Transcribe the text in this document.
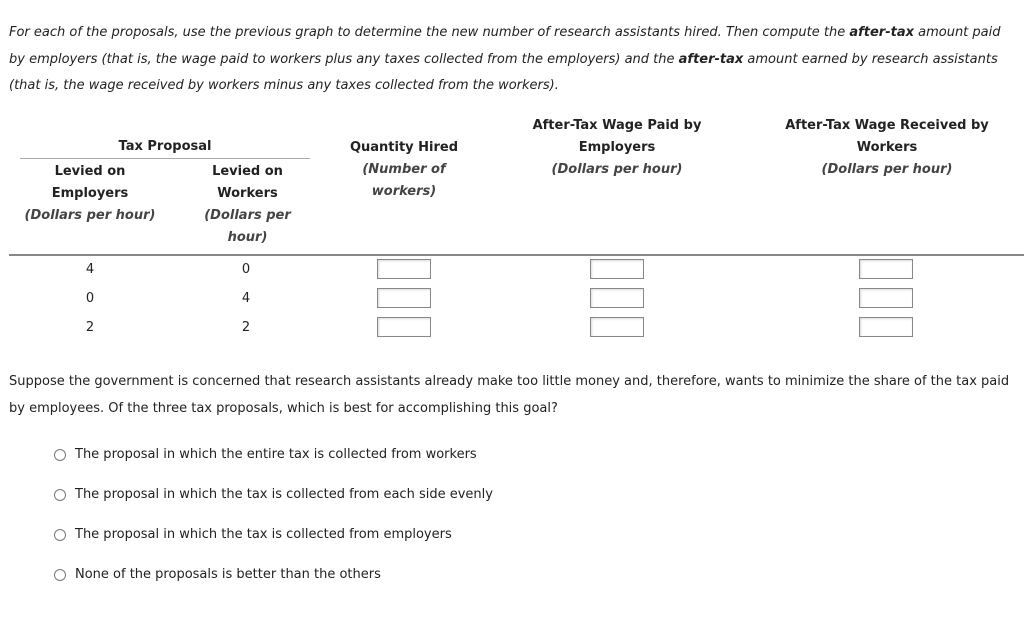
For each of the proposals, use the previous graph to determine the new number of research assistants hired. Then compute the after-tax amount paid by employers (that is, the wage paid to workers plus any taxes collected from the employers) and the after-tax amount earned by research assistants (that is, the wage received by workers minus any taxes collected from the workers).
Tax Proposal
Levied on
Employers
(Dollars per hour)
Levied on
Workers
(Dollars per
hour)
Quantity Hired
(Number of
workers)
After-Tax Wage Paid by
Employers
(Dollars per hour)
After-Tax Wage Received by
Workers
(Dollars per hour)
4	0
0	4
2	2
Suppose the government is concerned that research assistants already make too little money and, therefore, wants to minimize the share of the tax paid by employees. Of the three tax proposals, which is best for accomplishing this goal?
The proposal in which the entire tax is collected from workers
The proposal in which the tax is collected from each side evenly
The proposal in which the tax is collected from employers
None of the proposals is better than the others
